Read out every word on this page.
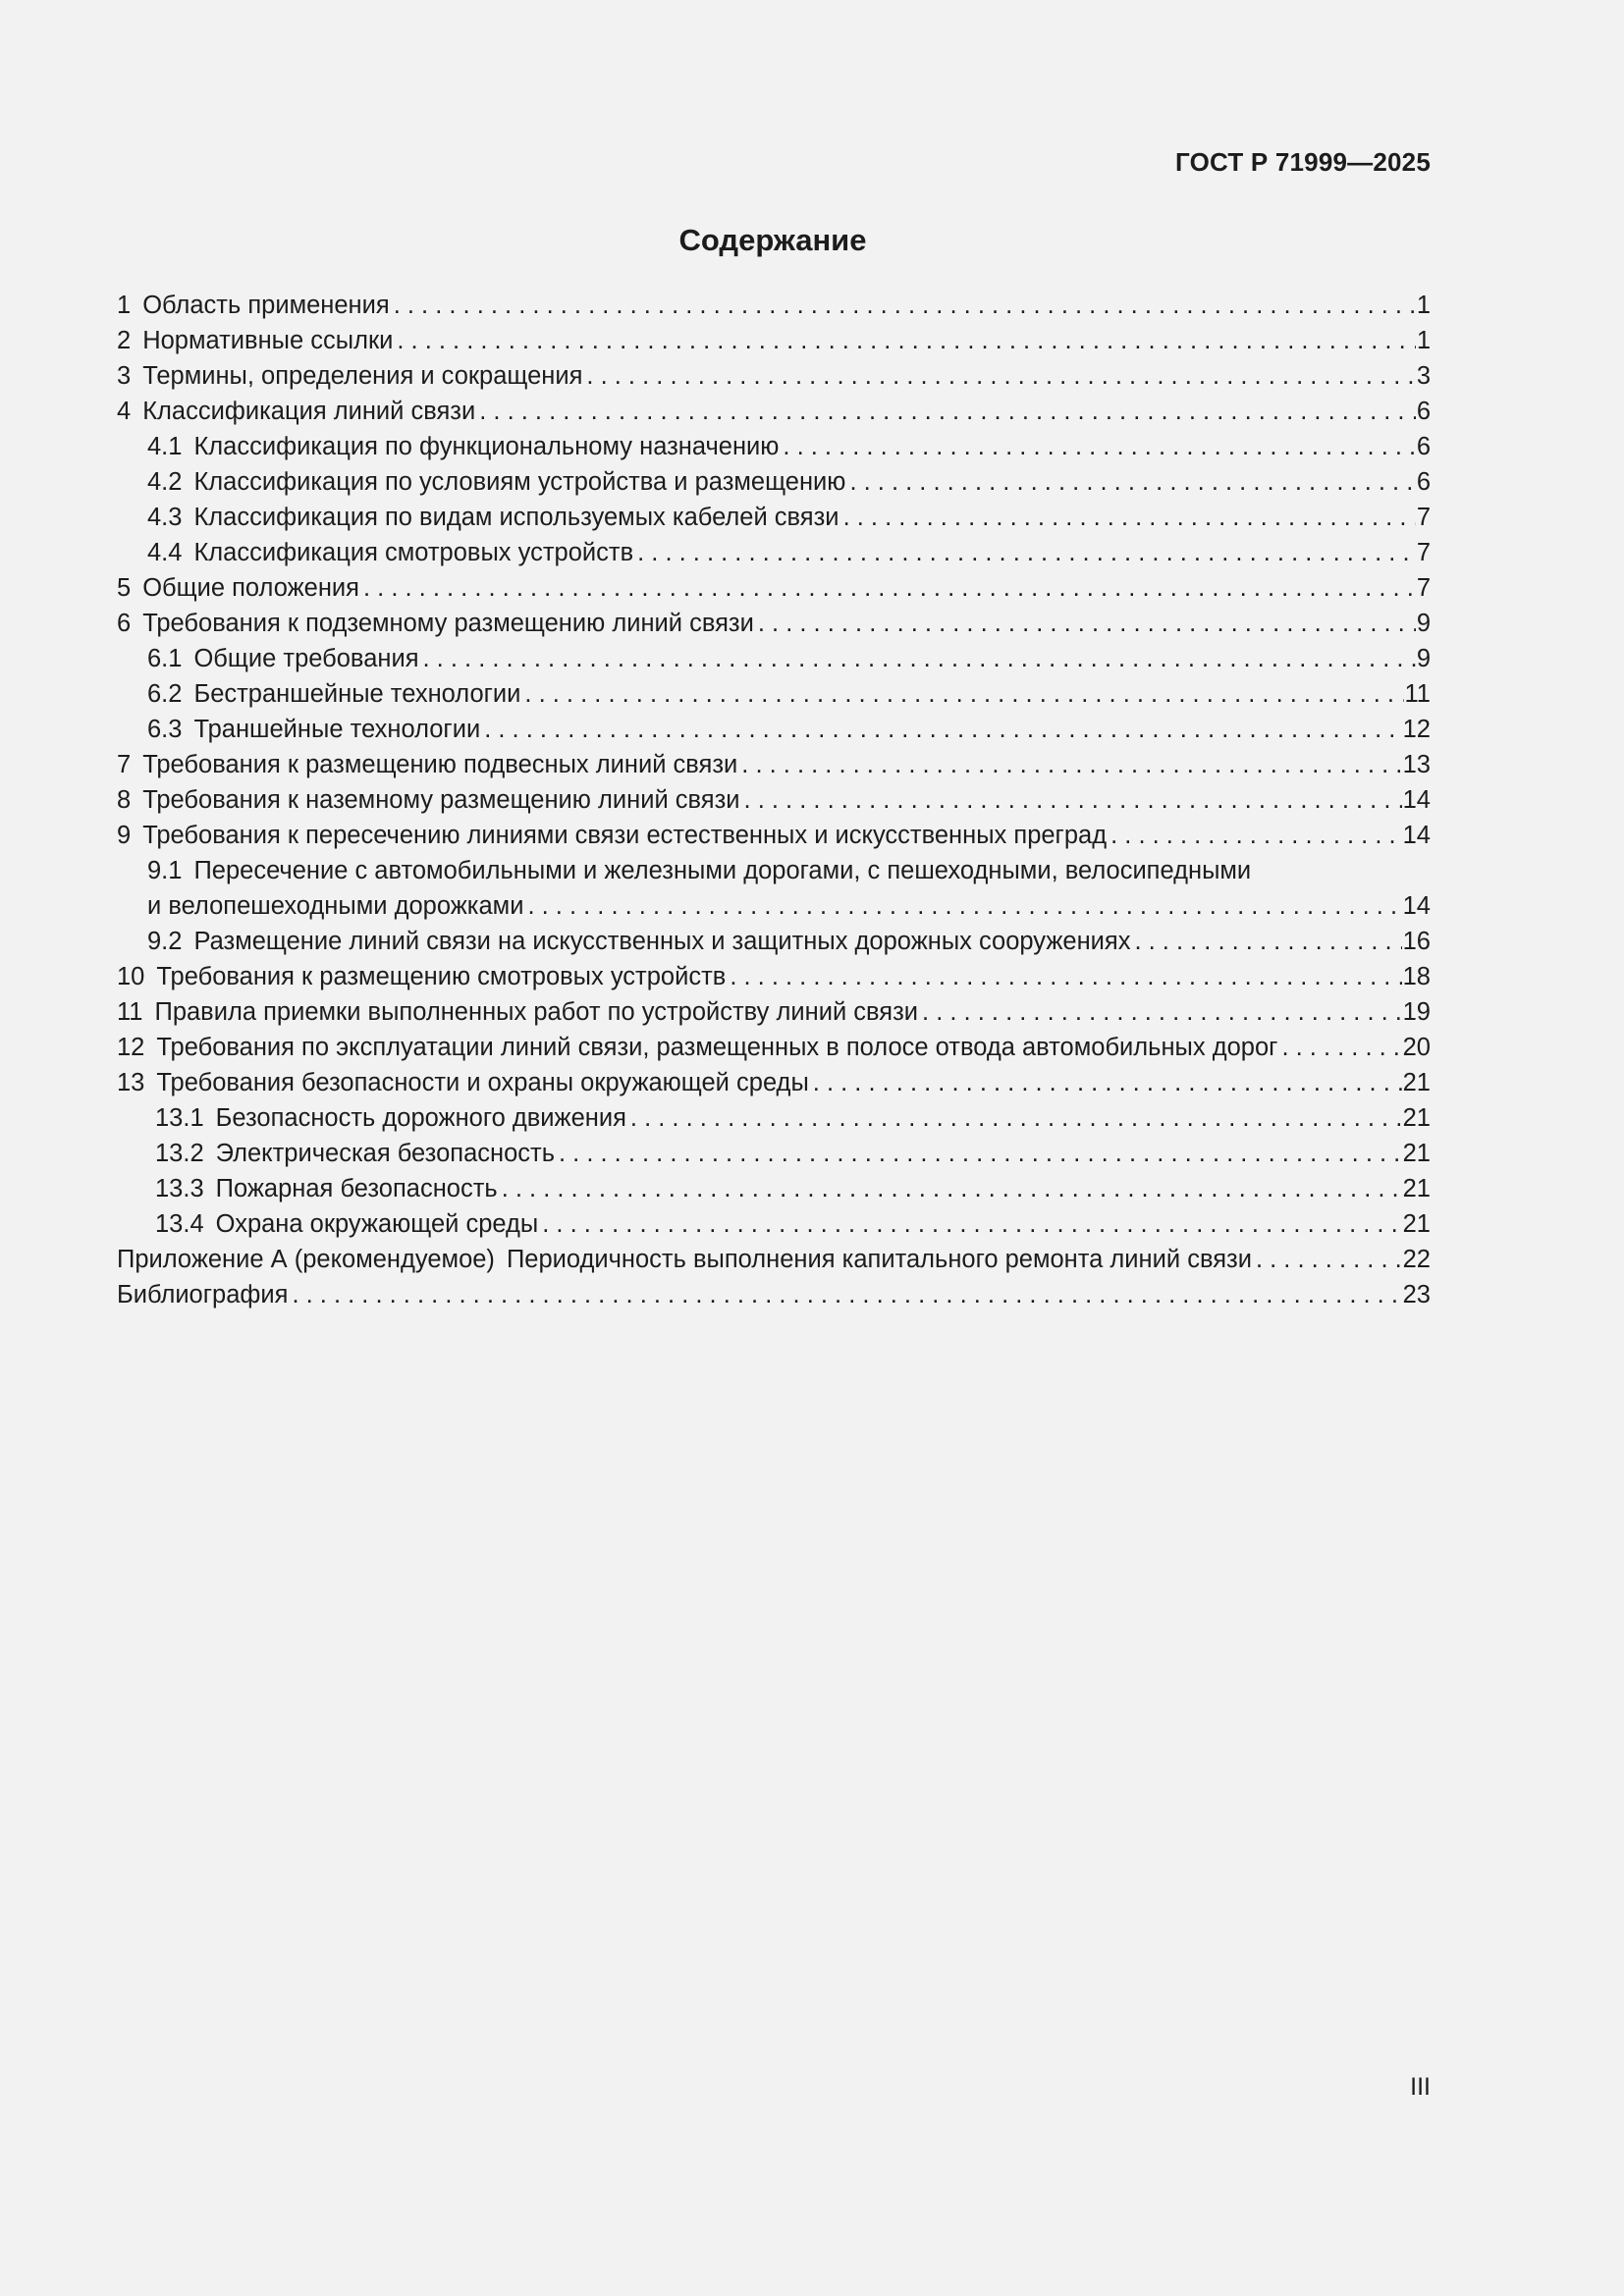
ГОСТ Р 71999—2025

Содержание
1 Область применения . . .	1
2 Нормативные ссылки . . .	1
3 Термины, определения и сокращения . . .	3
4 Классификация линий связи . . .	6
4.1 Классификация по функциональному назначению . . .	6
4.2 Классификация по условиям устройства и размещению . . .	6
4.3 Классификация по видам используемых кабелей связи . . .	7
4.4 Классификация смотровых устройств . . .	7
5 Общие положения . . .	7
6 Требования к подземному размещению линий связи . . .	9
6.1 Общие требования . . .	9
6.2 Бестраншейные технологии . . .	11
6.3 Траншейные технологии . . .	12
7 Требования к размещению подвесных линий связи . . .	13
8 Требования к наземному размещению линий связи . . .	14
9 Требования к пересечению линиями связи естественных и искусственных преград . . .	14
9.1 Пересечение с автомобильными и железными дорогами, с пешеходными, велосипедными
и велопешеходными дорожками . . .	14
9.2 Размещение линий связи на искусственных и защитных дорожных сооружениях . . .	16
10 Требования к размещению смотровых устройств . . .	18
11 Правила приемки выполненных работ по устройству линий связи . . .	19
12 Требования по эксплуатации линий связи, размещенных в полосе отвода автомобильных дорог . . .	20
13 Требования безопасности и охраны окружающей среды . . .	21
13.1 Безопасность дорожного движения . . .	21
13.2 Электрическая безопасность . . .	21
13.3 Пожарная безопасность . . .	21
13.4 Охрана окружающей среды . . .	21
Приложение А (рекомендуемое) Периодичность выполнения капитального ремонта линий связи . . .	22
Библиография . . .	23

III
